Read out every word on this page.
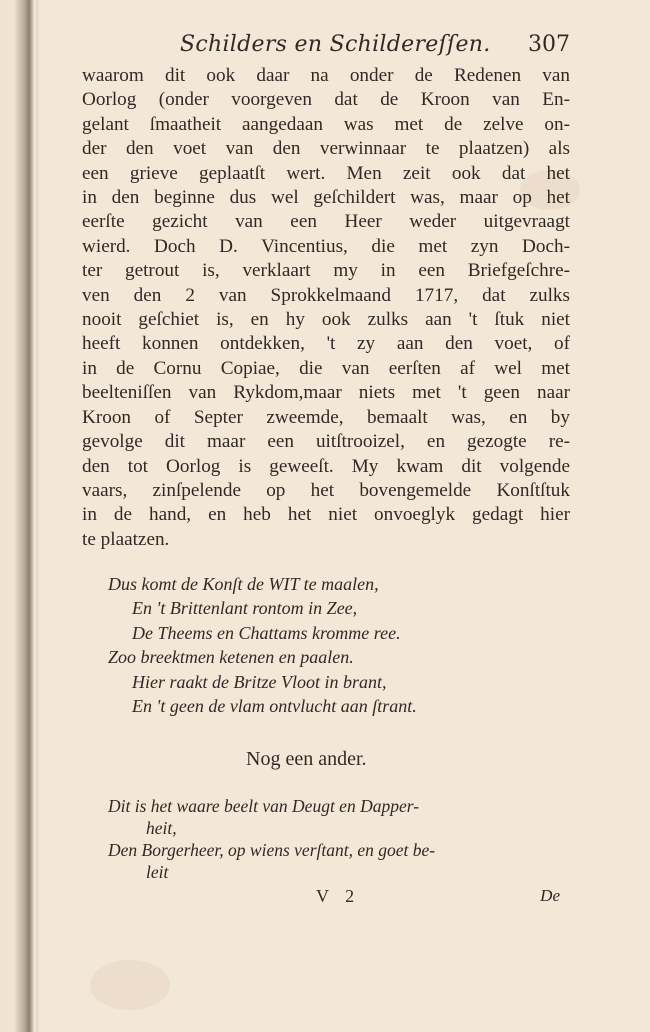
Schilders en Schildereſſen. 307
waarom dit ook daar na onder de Redenen van
Oorlog (onder voorgeven dat de Kroon van En-
gelant ſmaatheit aangedaan was met de zelve on-
der den voet van den verwinnaar te plaatzen) als
een grieve geplaatſt wert. Men zeit ook dat het
in den beginne dus wel geſchildert was, maar op het
eerſte gezicht van een Heer weder uitgevraagt
wierd. Doch D. Vincentius, die met zyn Doch-
ter getrout is, verklaart my in een Briefgeſchre-
ven den 2 van Sprokkelmaand 1717, dat zulks
nooit geſchiet is, en hy ook zulks aan 't ſtuk niet
heeft konnen ontdekken, 't zy aan den voet, of
in de Cornu Copiae, die van eerſten af wel met
beelteniſſen van Rykdom,maar niets met 't geen naar
Kroon of Septer zweemde, bemaalt was, en by
gevolge dit maar een uitſtrooizel, en gezogte re-
den tot Oorlog is geweeſt. My kwam dit volgende
vaars, zinſpelende op het bovengemelde Konſtſtuk
in de hand, en heb het niet onvoeglyk gedagt hier
te plaatzen.
Dus komt de Konſt de WIT te maalen,
En 't Brittenlant rontom in Zee,
De Theems en Chattams kromme ree.
Zoo breektmen ketenen en paalen.
Hier raakt de Britze Vloot in brant,
En 't geen de vlam ontvlucht aan ſtrant.
Nog een ander.
Dit is het waare beelt van Deugt en Dapper-
heit,
Den Borgerheer, op wiens verſtant, en goet be-
leit
V 2	De
